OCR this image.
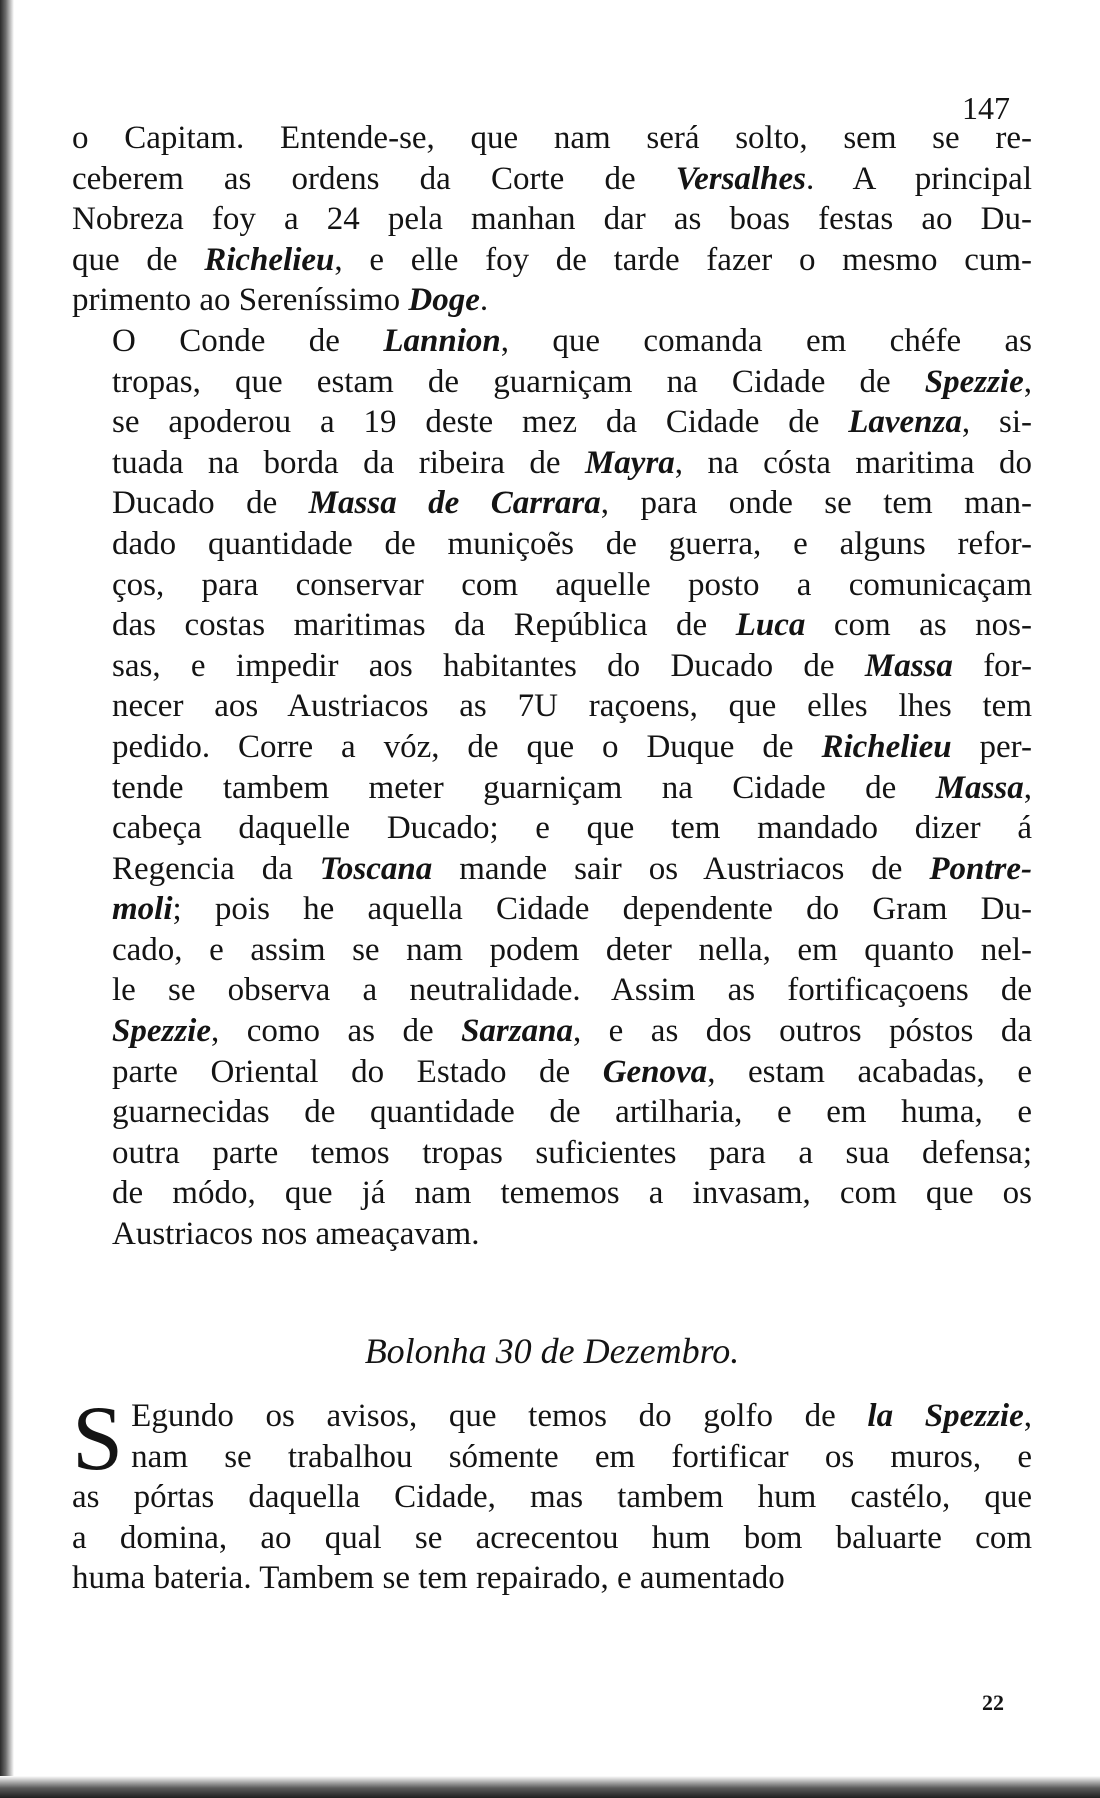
147
o Capitam. Entende-se, que nam será solto, sem se re-
ceberem as ordens da Corte de Versalhes. A principal
Nobreza foy a 24 pela manhan dar as boas festas ao Du-
que de Richelieu, e elle foy de tarde fazer o mesmo cum-
primento ao Sereníssimo Doge.
O Conde de Lannion, que comanda em chéfe as
tropas, que estam de guarniçam na Cidade de Spezzie,
se apoderou a 19 deste mez da Cidade de Lavenza, si-
tuada na borda da ribeira de Mayra, na cósta maritima do
Ducado de Massa de Carrara, para onde se tem man-
dado quantidade de muniçoẽs de guerra, e alguns refor-
ços, para conservar com aquelle posto a comunicaçam
das costas maritimas da República de Luca com as nos-
sas, e impedir aos habitantes do Ducado de Massa for-
necer aos Austriacos as 7U raçoens, que elles lhes tem
pedido. Corre a vóz, de que o Duque de Richelieu per-
tende tambem meter guarniçam na Cidade de Massa,
cabeça daquelle Ducado; e que tem mandado dizer á
Regencia da Toscana mande sair os Austriacos de Pontre-
moli; pois he aquella Cidade dependente do Gram Du-
cado, e assim se nam podem deter nella, em quanto nel-
le se observa a neutralidade. Assim as fortificaçoens de
Spezzie, como as de Sarzana, e as dos outros póstos da
parte Oriental do Estado de Genova, estam acabadas, e
guarnecidas de quantidade de artilharia, e em huma, e
outra parte temos tropas suficientes para a sua defensa;
de módo, que já nam tememos a invasam, com que os
Austriacos nos ameaçavam.
Bolonha 30 de Dezembro.
S Egundo os avisos, que temos do golfo de la Spezzie,
nam se trabalhou sómente em fortificar os muros, e
as pórtas daquella Cidade, mas tambem hum castélo, que
a domina, ao qual se acrecentou hum bom baluarte com
huma bateria. Tambem se tem repairado, e aumentado
22
